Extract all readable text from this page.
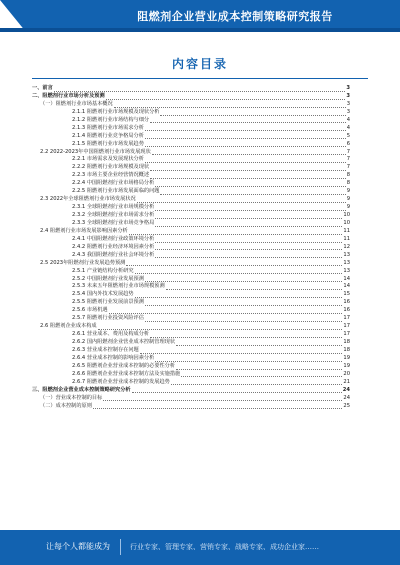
阻燃剂企业营业成本控制策略研究报告
内容目录
一、前言	3
二、阻燃剂行业市场分析及预测	3
（一）阻燃剂行业市场基本概况	3
2.1.1 阻燃剂行业市场规模及现状分析	3
2.1.2 阻燃剂行业市场结构与细分	4
2.1.3 阻燃剂行业市场需求分析	4
2.1.4 阻燃剂行业竞争格局分析	5
2.1.5 阻燃剂行业市场发展趋势	6
2.2 2022-2023年中国阻燃剂行业市场发展现状	7
2.2.1 市场需求及发展现状分析	7
2.2.2 阻燃剂行业市场规模及现状	7
2.2.3 市场主要企业经营情况概述	8
2.2.4 中国阻燃剂行业市场格局分析	8
2.2.5 阻燃剂行业市场发展面临的问题	9
2.3 2022年全球阻燃剂行业市场发展状况	9
2.3.1 全球阻燃剂行业市场规模分析	9
2.3.2 全球阻燃剂行业市场需求分析	10
2.3.3 全球阻燃剂行业市场竞争格局	10
2.4 阻燃剂行业市场发展影响因素分析	11
2.4.1 中国阻燃剂行业政策环境分析	11
2.4.2 阻燃剂行业经济环境因素分析	12
2.4.3 我国阻燃剂行业社会环境分析	13
2.5 2023年阻燃剂行业发展趋势预测	13
2.5.1 产业链结构分析研究	13
2.5.2 中国阻燃剂行业发展预测	14
2.5.3 未来五年阻燃剂行业市场规模预测	14
2.5.4 国内外技术发展趋势	15
2.5.5 阻燃剂行业发展前景预测	16
2.5.6 市场机遇	16
2.5.7 阻燃剂行业投资风险评估	17
2.6 阻燃剂企业成本构成	17
2.6.1 营业成本、费用及构成分析	17
2.6.2 国内阻燃剂企业营业成本控制管理现状	18
2.6.3 营业成本控制存在问题	18
2.6.4 营业成本控制的影响因素分析	19
2.6.5 阻燃剂企业营业成本控制的必要性分析	19
2.6.6 阻燃剂企业营业成本控制方法及实施措施	20
2.6.7 阻燃剂企业营业成本控制的发展趋势	21
三、阻燃剂企业营业成本控制策略研究分析	24
（一）营业成本控制的目标	24
（二）成本控制的原则	25
让每个人都能成为	行业专家、管理专家、营销专家、战略专家、成功企业家……
